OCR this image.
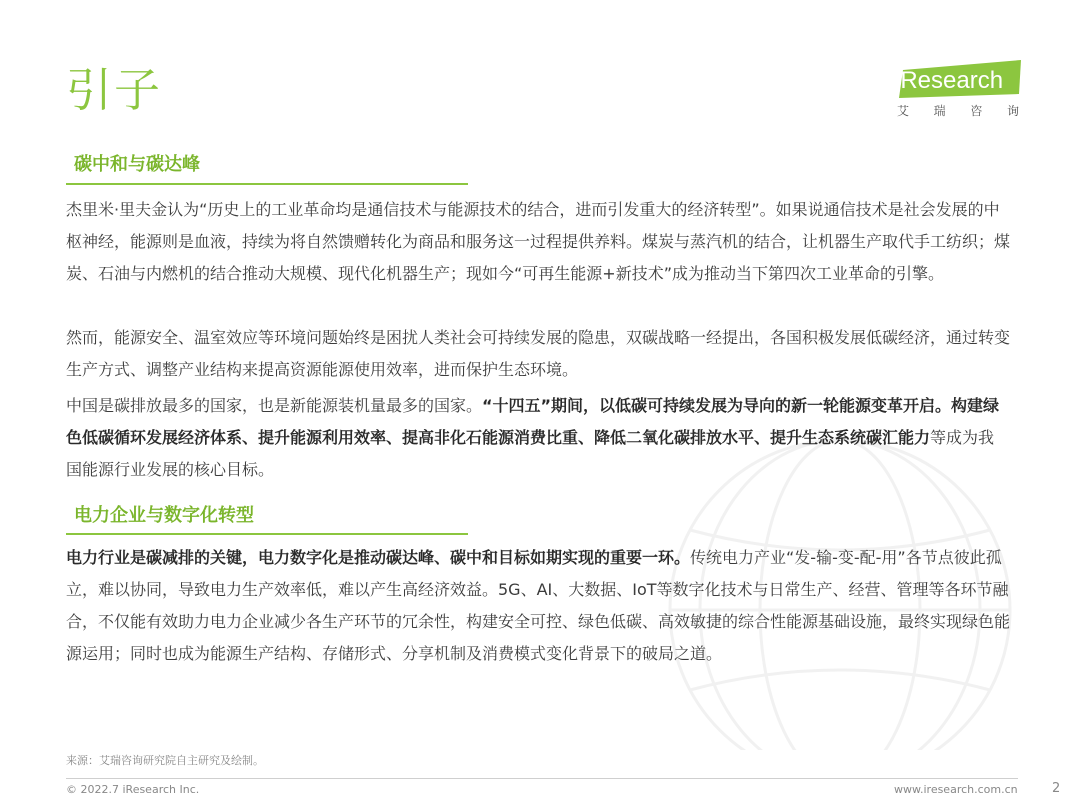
引子	iResearch
艾 瑞 咨 询
碳中和与碳达峰
杰里米·里夫金认为“历史上的工业革命均是通信技术与能源技术的结合，进而引发重大的经济转型”。如果说通信技术是社会发展的中枢神经，能源则是血液，持续为将自然馈赠转化为商品和服务这一过程提供养料。煤炭与蒸汽机的结合，让机器生产取代手工纺织；煤炭、石油与内燃机的结合推动大规模、现代化机器生产；现如今“可再生能源+新技术”成为推动当下第四次工业革命的引擎。
然而，能源安全、温室效应等环境问题始终是困扰人类社会可持续发展的隐患，双碳战略一经提出，各国积极发展低碳经济，通过转变生产方式、调整产业结构来提高资源能源使用效率，进而保护生态环境。
中国是碳排放最多的国家，也是新能源装机量最多的国家。“十四五”期间，以低碳可持续发展为导向的新一轮能源变革开启。构建绿色低碳循环发展经济体系、提升能源利用效率、提高非化石能源消费比重、降低二氧化碳排放水平、提升生态系统碳汇能力等成为我国能源行业发展的核心目标。
电力企业与数字化转型
电力行业是碳减排的关键，电力数字化是推动碳达峰、碳中和目标如期实现的重要一环。传统电力产业“发-输-变-配-用”各节点彼此孤立，难以协同，导致电力生产效率低，难以产生高经济效益。5G、AI、大数据、IoT等数字化技术与日常生产、经营、管理等各环节融合，不仅能有效助力电力企业减少各生产环节的冗余性，构建安全可控、绿色低碳、高效敏捷的综合性能源基础设施，最终实现绿色能源运用；同时也成为能源生产结构、存储形式、分享机制及消费模式变化背景下的破局之道。
来源：艾瑞咨询研究院自主研究及绘制。
© 2022.7 iResearch Inc.	www.iresearch.com.cn	2
